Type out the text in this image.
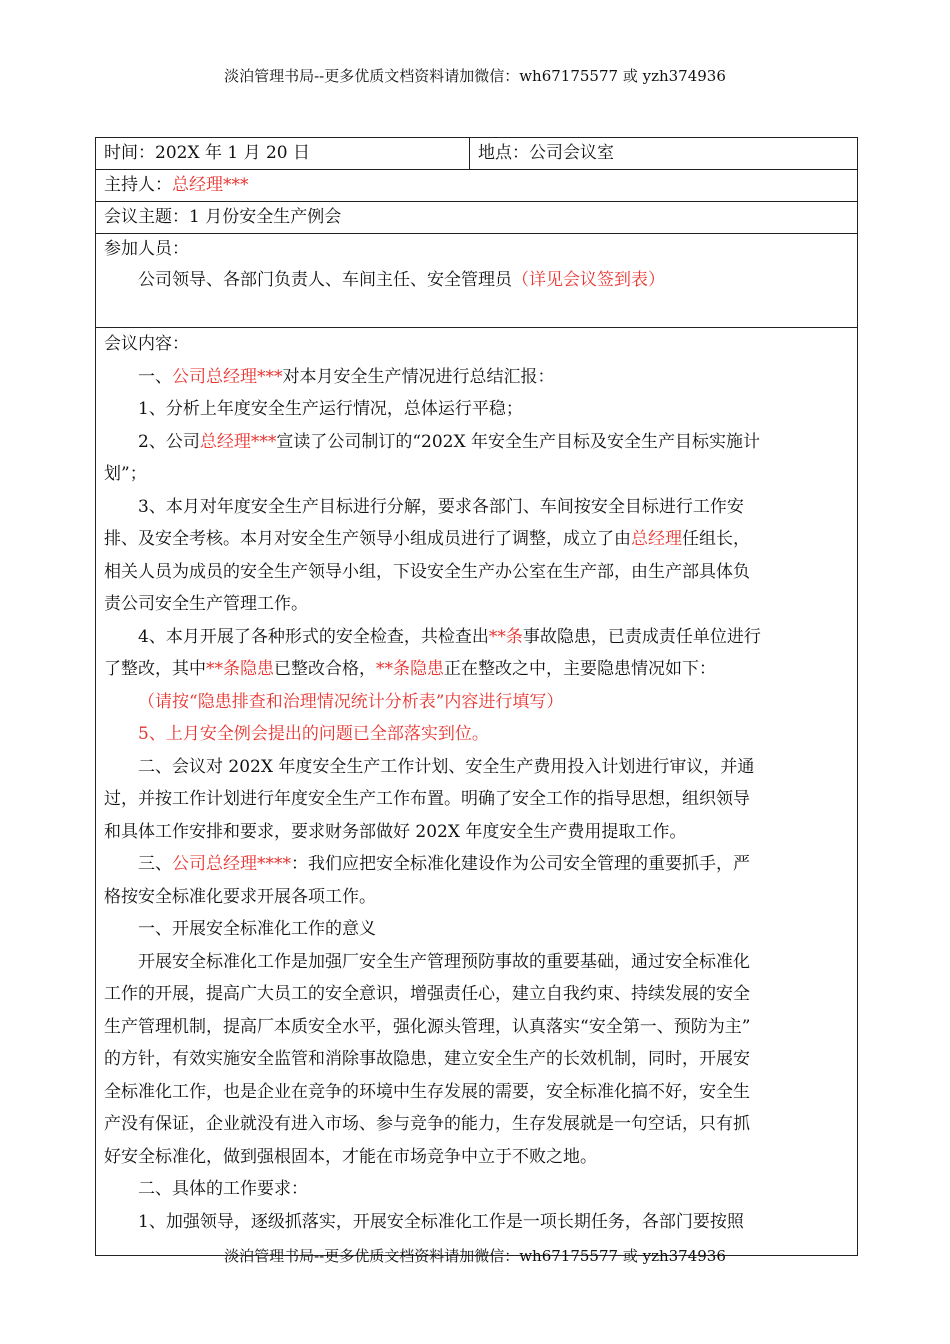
淡泊管理书局--更多优质文档资料请加微信：wh67175577 或 yzh374936
时间：202X 年 1 月 20 日	地点：公司会议室
主持人：总经理***
会议主题：1 月份安全生产例会

参加人员：
公司领导、各部门负责人、车间主任、安全管理员（详见会议签到表）

会议内容：

一、公司总经理***对本月安全生产情况进行总结汇报：

1、分析上年度安全生产运行情况，总体运行平稳；

2、公司总经理***宣读了公司制订的“202X 年安全生产目标及安全生产目标实施计

划”；

3、本月对年度安全生产目标进行分解，要求各部门、车间按安全目标进行工作安

排、及安全考核。本月对安全生产领导小组成员进行了调整，成立了由总经理任组长，

相关人员为成员的安全生产领导小组，下设安全生产办公室在生产部，由生产部具体负

责公司安全生产管理工作。

4、本月开展了各种形式的安全检查，共检查出**条事故隐患，已责成责任单位进行

了整改，其中**条隐患已整改合格，**条隐患正在整改之中，主要隐患情况如下：

（请按“隐患排查和治理情况统计分析表”内容进行填写）

5、上月安全例会提出的问题已全部落实到位。

二、会议对 202X 年度安全生产工作计划、安全生产费用投入计划进行审议，并通

过，并按工作计划进行年度安全生产工作布置。明确了安全工作的指导思想，组织领导

和具体工作安排和要求，要求财务部做好 202X 年度安全生产费用提取工作。

三、公司总经理****：我们应把安全标准化建设作为公司安全管理的重要抓手，严

格按安全标准化要求开展各项工作。

一、开展安全标准化工作的意义

开展安全标准化工作是加强厂安全生产管理预防事故的重要基础，通过安全标准化

工作的开展，提高广大员工的安全意识，增强责任心，建立自我约束、持续发展的安全

生产管理机制，提高厂本质安全水平，强化源头管理，认真落实“安全第一、预防为主”

的方针，有效实施安全监管和消除事故隐患，建立安全生产的长效机制，同时，开展安

全标准化工作，也是企业在竞争的环境中生存发展的需要，安全标准化搞不好，安全生

产没有保证，企业就没有进入市场、参与竞争的能力，生存发展就是一句空话，只有抓

好安全标准化，做到强根固本，才能在市场竞争中立于不败之地。

二、具体的工作要求：

1、加强领导，逐级抓落实，开展安全标准化工作是一项长期任务，各部门要按照

淡泊管理书局--更多优质文档资料请加微信：wh67175577 或 yzh374936
